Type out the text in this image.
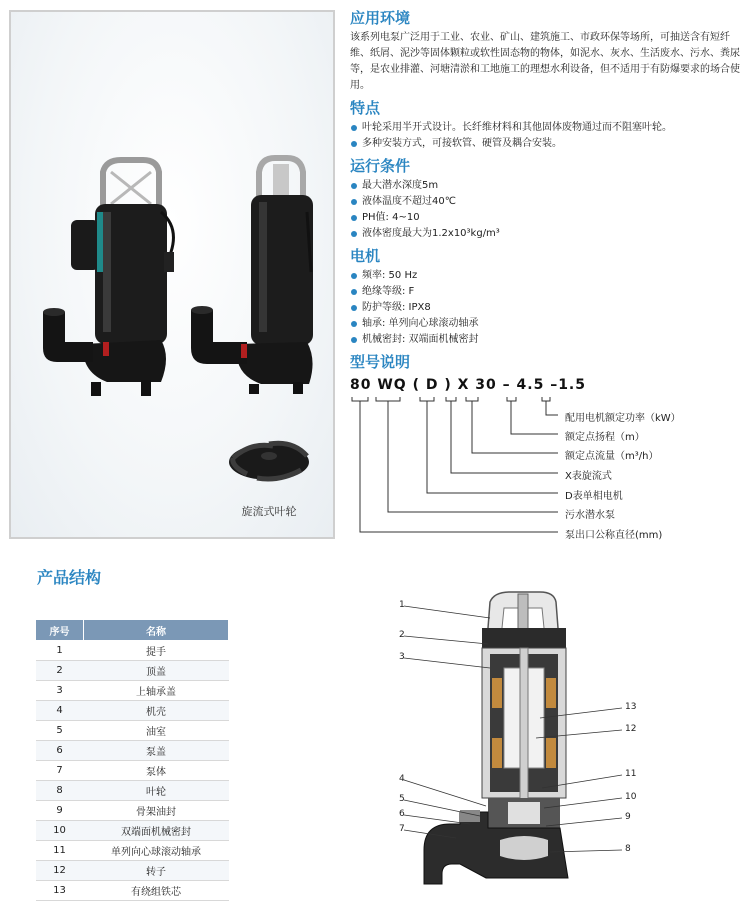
旋流式叶轮
应用环境
该系列电泵广泛用于工业、农业、矿山、建筑施工、市政环保等场所，可抽送含有短纤维、纸屑、泥沙等固体颗粒或软性固态物的物体，如泥水、灰水、生活废水、污水、粪尿等，是农业排灌、河塘清淤和工地施工的理想水利设备，但不适用于有防爆要求的场合使用。
特点
叶轮采用半开式设计。长纤维材料和其他固体废物通过而不阻塞叶轮。
多种安装方式，可接软管、硬管及耦合安装。
运行条件
最大潜水深度5m
液体温度不超过40℃
PH值: 4~10
液体密度最大为1.2x10³kg/m³
电机
频率: 50 Hz
绝缘等级: F
防护等级: IPX8
轴承: 单列向心球滚动轴承
机械密封: 双端面机械密封
型号说明
80 WQ ( D ) X 30 – 4.5 –1.5
配用电机额定功率（kW）
额定点扬程（m）
额定点流量（m³/h）
X表旋流式
D表单相电机
污水潜水泵
泵出口公称直径(mm)
产品结构
序号	名称
1	提手
2	顶盖
3	上轴承盖
4	机壳
5	油室
6	泵盖
7	泵体
8	叶轮
9	骨架油封
10	双端面机械密封
11	单列向心球滚动轴承
12	转子
13	有绕组铁芯
1
2
3
4
5
6
7
8
9
10
11
12
13
